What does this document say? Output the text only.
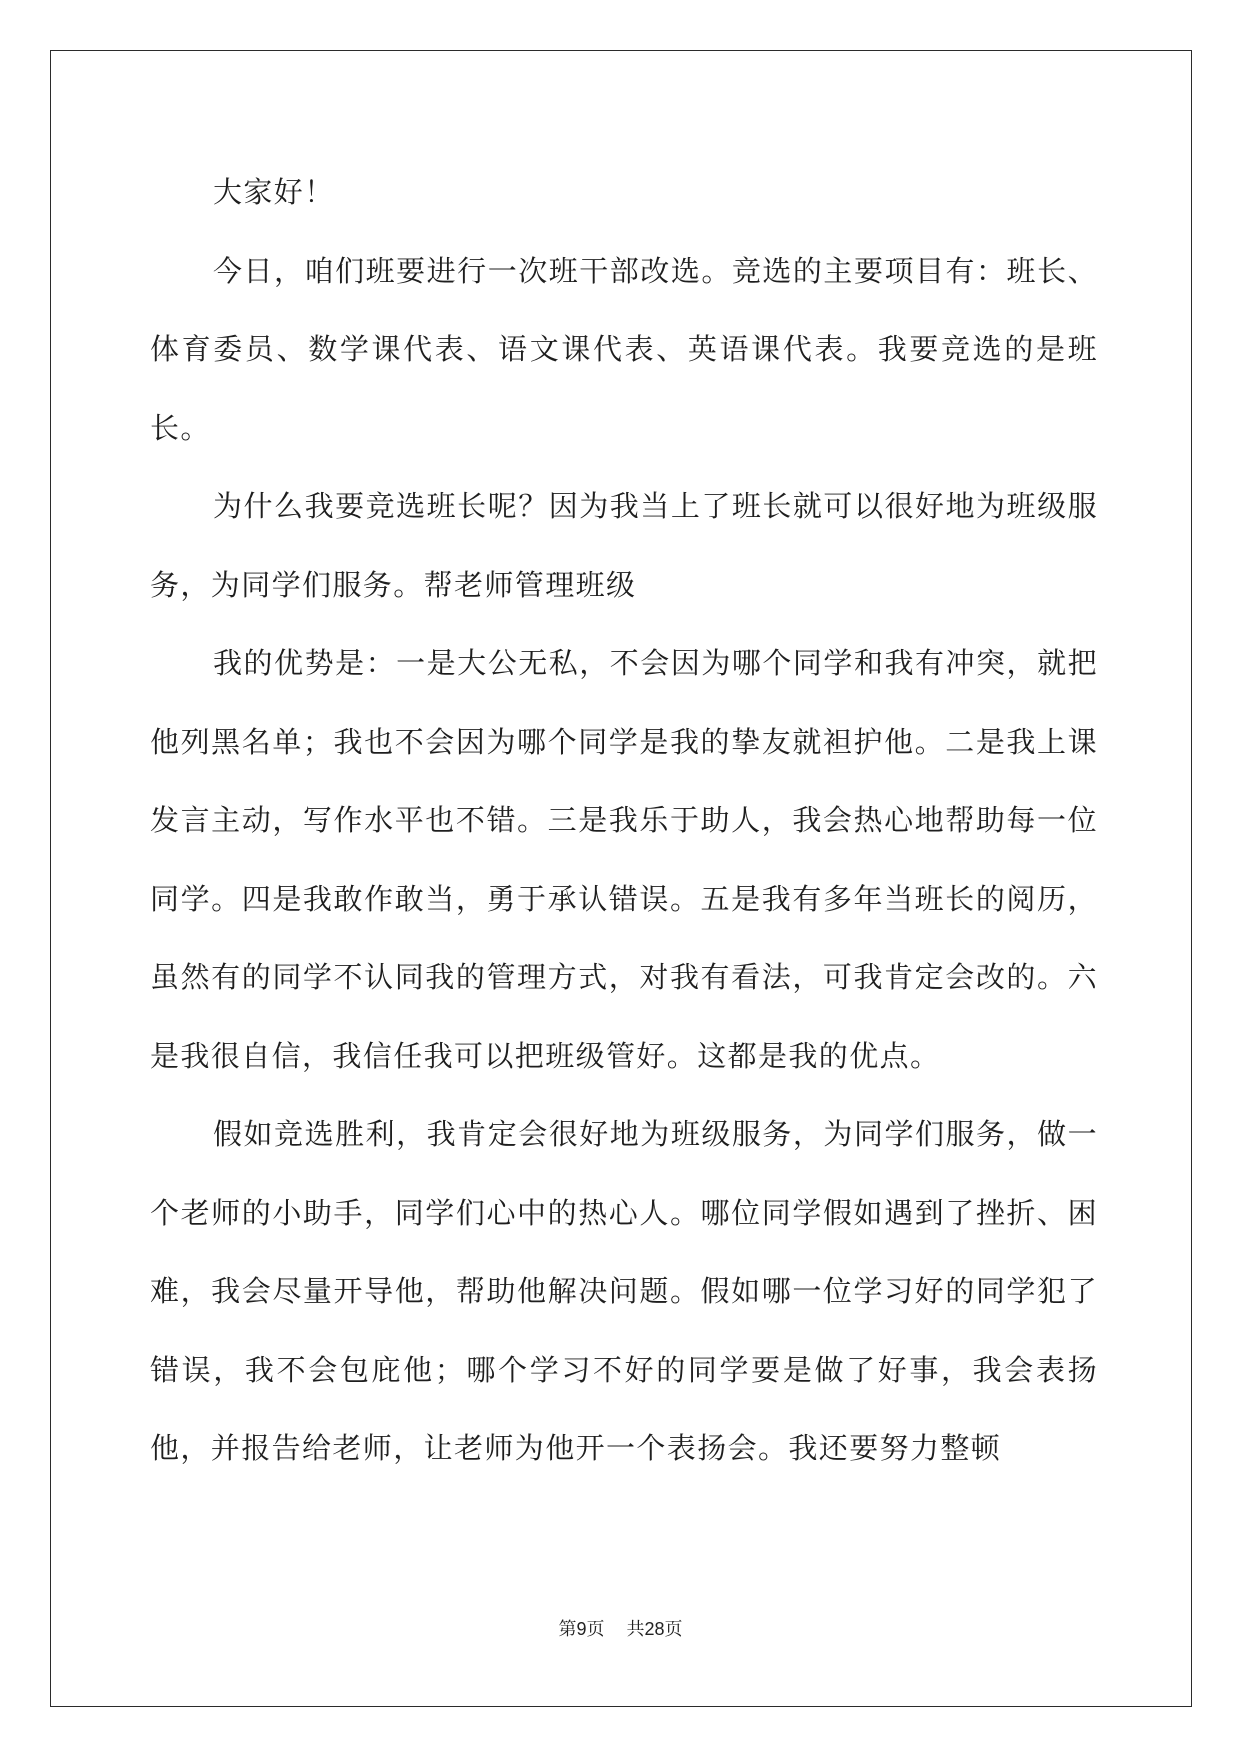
大家好！

今日，咱们班要进行一次班干部改选。竞选的主要项目有：班长、体育委员、数学课代表、语文课代表、英语课代表。我要竞选的是班长。

为什么我要竞选班长呢？因为我当上了班长就可以很好地为班级服务，为同学们服务。帮老师管理班级

我的优势是：一是大公无私，不会因为哪个同学和我有冲突，就把他列黑名单；我也不会因为哪个同学是我的挚友就袒护他。二是我上课发言主动，写作水平也不错。三是我乐于助人，我会热心地帮助每一位同学。四是我敢作敢当，勇于承认错误。五是我有多年当班长的阅历，虽然有的同学不认同我的管理方式，对我有看法，可我肯定会改的。六是我很自信，我信任我可以把班级管好。这都是我的优点。

假如竞选胜利，我肯定会很好地为班级服务，为同学们服务，做一个老师的小助手，同学们心中的热心人。哪位同学假如遇到了挫折、困难，我会尽量开导他，帮助他解决问题。假如哪一位学习好的同学犯了错误，我不会包庇他；哪个学习不好的同学要是做了好事，我会表扬他，并报告给老师，让老师为他开一个表扬会。我还要努力整顿

第9页 共28页
